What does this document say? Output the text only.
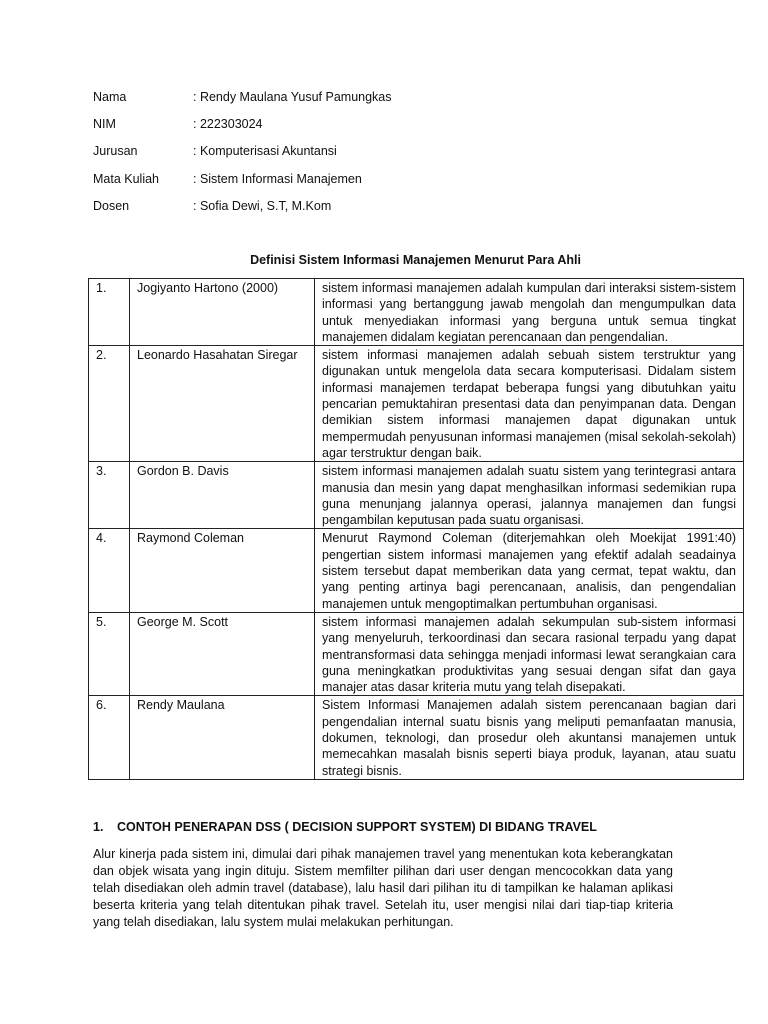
Nama	: Rendy Maulana Yusuf Pamungkas
NIM	: 222303024
Jurusan	: Komputerisasi Akuntansi
Mata Kuliah	: Sistem Informasi Manajemen
Dosen	: Sofia Dewi, S.T, M.Kom
Definisi Sistem Informasi Manajemen Menurut Para Ahli
1.	Jogiyanto Hartono (2000)	sistem informasi manajemen adalah kumpulan dari interaksi sistem-sistem informasi yang bertanggung jawab mengolah dan mengumpulkan data untuk menyediakan informasi yang berguna untuk semua tingkat manajemen didalam kegiatan perencanaan dan pengendalian.
2.	Leonardo Hasahatan Siregar	sistem informasi manajemen adalah sebuah sistem terstruktur yang digunakan untuk mengelola data secara komputerisasi. Didalam sistem informasi manajemen terdapat beberapa fungsi yang dibutuhkan yaitu pencarian pemuktahiran presentasi data dan penyimpanan data. Dengan demikian sistem informasi manajemen dapat digunakan untuk mempermudah penyusunan informasi manajemen (misal sekolah-sekolah) agar terstruktur dengan baik.
3.	Gordon B. Davis	sistem informasi manajemen adalah suatu sistem yang terintegrasi antara manusia dan mesin yang dapat menghasilkan informasi sedemikian rupa guna menunjang jalannya operasi, jalannya manajemen dan fungsi pengambilan keputusan pada suatu organisasi.
4.	Raymond Coleman	Menurut Raymond Coleman (diterjemahkan oleh Moekijat 1991:40) pengertian sistem informasi manajemen yang efektif adalah seadainya sistem tersebut dapat memberikan data yang cermat, tepat waktu, dan yang penting artinya bagi perencanaan, analisis, dan pengendalian manajemen untuk mengoptimalkan pertumbuhan organisasi.
5.	George M. Scott	sistem informasi manajemen adalah sekumpulan sub-sistem informasi yang menyeluruh, terkoordinasi dan secara rasional terpadu yang dapat mentransformasi data sehingga menjadi informasi lewat serangkaian cara guna meningkatkan produktivitas yang sesuai dengan sifat dan gaya manajer atas dasar kriteria mutu yang telah disepakati.
6.	Rendy Maulana	Sistem Informasi Manajemen adalah sistem perencanaan bagian dari pengendalian internal suatu bisnis yang meliputi pemanfaatan manusia, dokumen, teknologi, dan prosedur oleh akuntansi manajemen untuk memecahkan masalah bisnis seperti biaya produk, layanan, atau suatu strategi bisnis.
1. CONTOH PENERAPAN DSS ( DECISION SUPPORT SYSTEM) DI BIDANG TRAVEL
Alur kinerja pada sistem ini, dimulai dari pihak manajemen travel yang menentukan kota keberangkatan dan objek wisata yang ingin dituju. Sistem memfilter pilihan dari user dengan mencocokkan data yang telah disediakan oleh admin travel (database), lalu hasil dari pilihan itu di tampilkan ke halaman aplikasi beserta kriteria yang telah ditentukan pihak travel. Setelah itu, user mengisi nilai dari tiap-tiap kriteria yang telah disediakan, lalu system mulai melakukan perhitungan.
